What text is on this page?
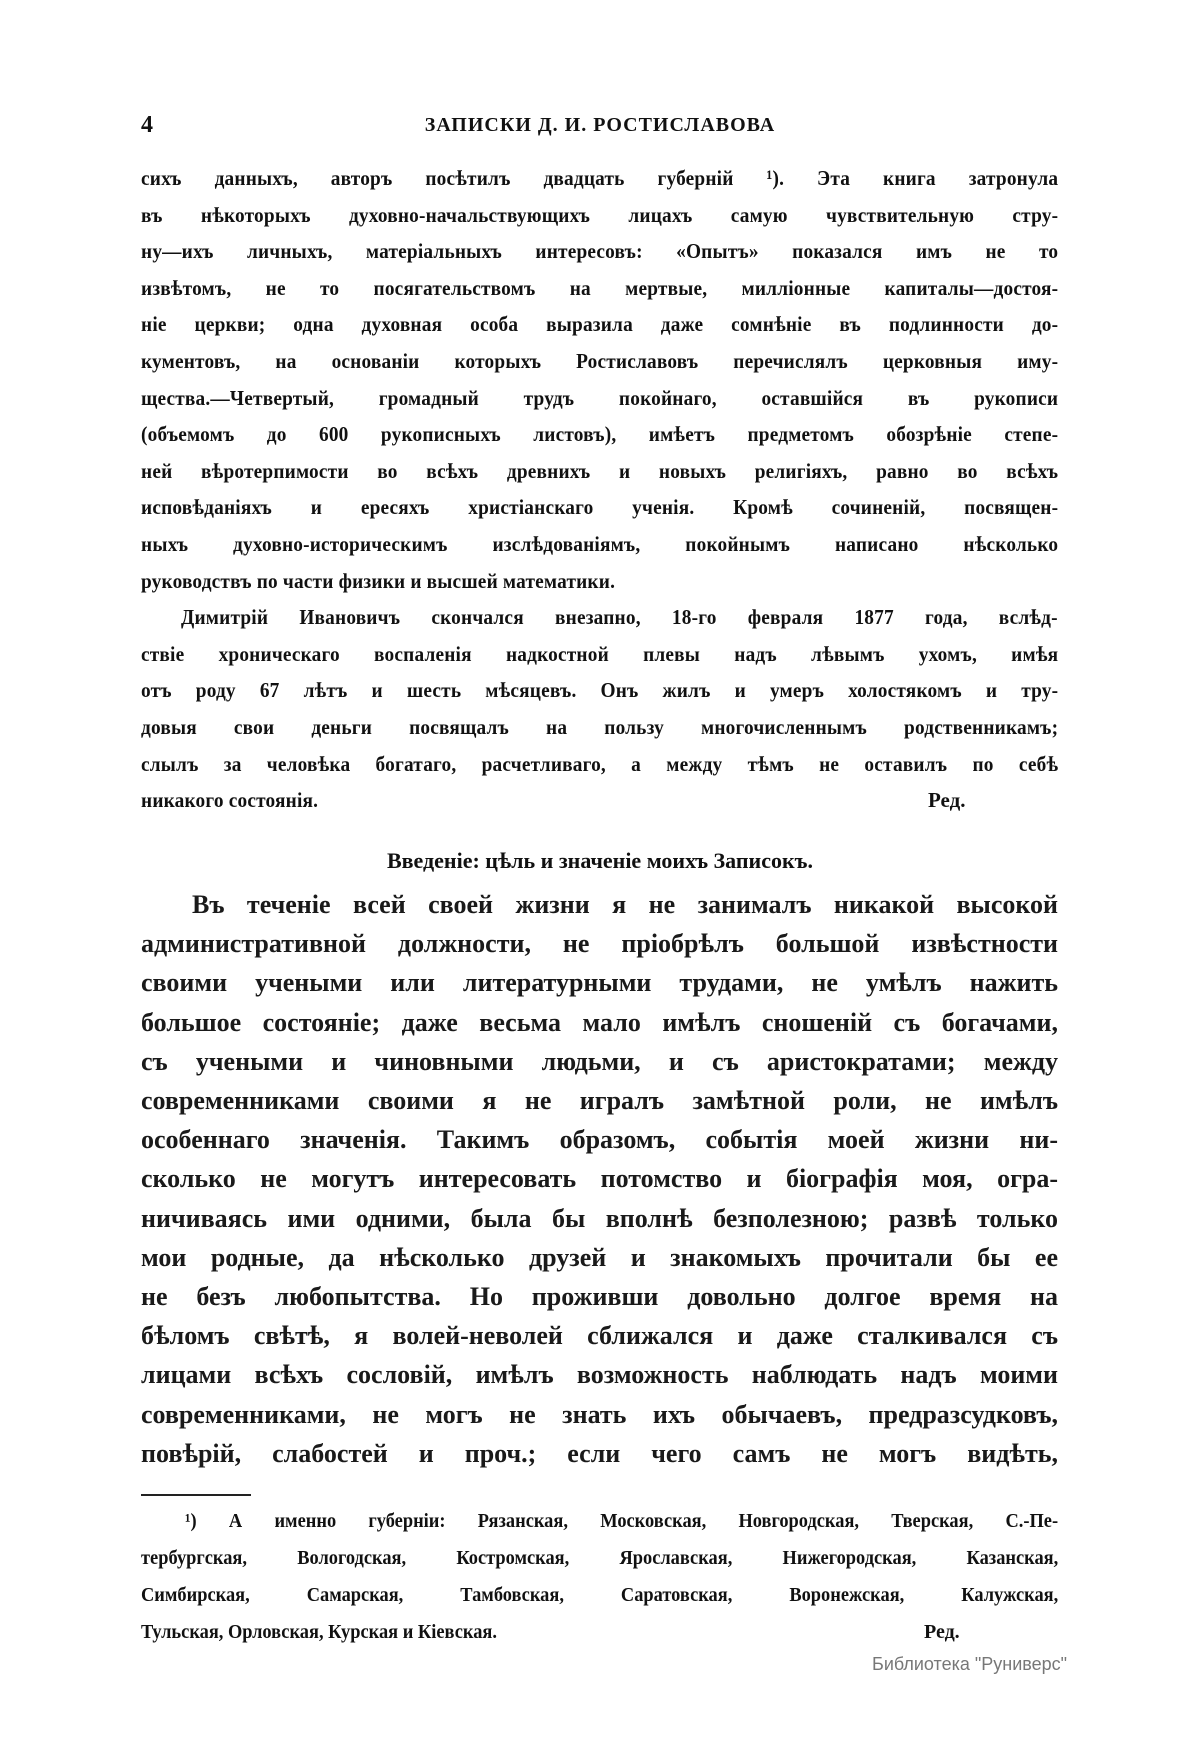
4	ЗАПИСКИ Д. И. РОСТИСЛАВОВА
сихъ данныхъ, авторъ посѣтилъ двадцать губерній ¹). Эта книга затронула
въ нѣкоторыхъ духовно-начальствующихъ лицахъ самую чувствительную стру-
ну—ихъ личныхъ, матеріальныхъ интересовъ: «Опытъ» показался имъ не то
извѣтомъ, не то посягательствомъ на мертвые, милліонные капиталы—достоя-
ніе церкви; одна духовная особа выразила даже сомнѣніе въ подлинности до-
кументовъ, на основаніи которыхъ Ростиславовъ перечислялъ церковныя иму-
щества.—Четвертый, громадный трудъ покойнаго, оставшійся въ рукописи
(объемомъ до 600 рукописныхъ листовъ), имѣетъ предметомъ обозрѣніе степе-
ней вѣротерпимости во всѣхъ древнихъ и новыхъ религіяхъ, равно во всѣхъ
исповѣданіяхъ и ересяхъ христіанскаго ученія. Кромѣ сочиненій, посвящен-
ныхъ духовно-историческимъ изслѣдованіямъ, покойнымъ написано нѣсколько
руководствъ по части физики и высшей математики.
Димитрій Ивановичъ скончался внезапно, 18-го февраля 1877 года, вслѣд-
ствіе хроническаго воспаленія надкостной плевы надъ лѣвымъ ухомъ, имѣя
отъ роду 67 лѣтъ и шесть мѣсяцевъ. Онъ жилъ и умеръ холостякомъ и тру-
довыя свои деньги посвящалъ на пользу многочисленнымъ родственникамъ;
слылъ за человѣка богатаго, расчетливаго, а между тѣмъ не оставилъ по себѣ
никакого состоянія.	Ред.
Введеніе: цѣль и значеніе моихъ Записокъ.
Въ теченіе всей своей жизни я не занималъ никакой высокой
административной должности, не пріобрѣлъ большой извѣстности
своими учеными или литературными трудами, не умѣлъ нажить
большое состояніе; даже весьма мало имѣлъ сношеній съ богачами,
съ учеными и чиновными людьми, и съ аристократами; между
современниками своими я не игралъ замѣтной роли, не имѣлъ
особеннаго значенія. Такимъ образомъ, событія моей жизни ни-
сколько не могутъ интересовать потомство и біографія моя, огра-
ничиваясь ими одними, была бы вполнѣ безполезною; развѣ только
мои родные, да нѣсколько друзей и знакомыхъ прочитали бы ее
не безъ любопытства. Но проживши довольно долгое время на
бѣломъ свѣтѣ, я волей-неволей сближался и даже сталкивался съ
лицами всѣхъ сословій, имѣлъ возможность наблюдать надъ моими
современниками, не могъ не знать ихъ обычаевъ, предразсудковъ,
повѣрій, слабостей и проч.; если чего самъ не могъ видѣть,
¹) А именно губерніи: Рязанская, Московская, Новгородская, Тверская, С.-Пе-
тербургская, Вологодская, Костромская, Ярославская, Нижегородская, Казанская,
Симбирская, Самарская, Тамбовская, Саратовская, Воронежская, Калужская,
Тульская, Орловская, Курская и Кіевская.	Ред.
Библиотека "Руниверс"
